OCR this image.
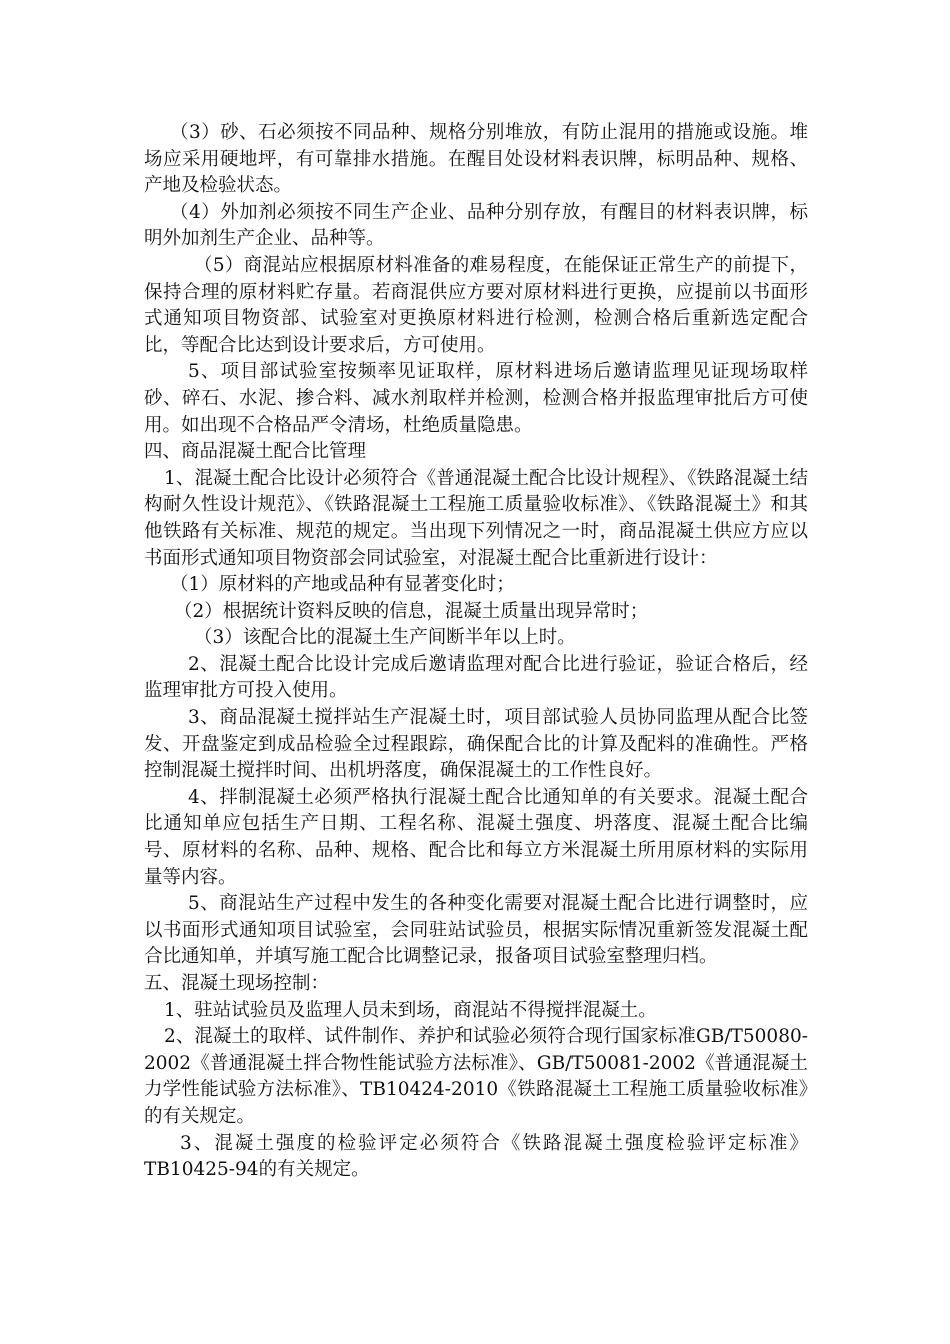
（3）砂、石必须按不同品种、规格分别堆放，有防止混用的措施或设施。堆场应采用硬地坪，有可靠排水措施。在醒目处设材料表识牌，标明品种、规格、产地及检验状态。

（4）外加剂必须按不同生产企业、品种分别存放，有醒目的材料表识牌，标明外加剂生产企业、品种等。

（5）商混站应根据原材料准备的难易程度，在能保证正常生产的前提下，保持合理的原材料贮存量。若商混供应方要对原材料进行更换，应提前以书面形式通知项目物资部、试验室对更换原材料进行检测，检测合格后重新选定配合比，等配合比达到设计要求后，方可使用。

5、项目部试验室按频率见证取样，原材料进场后邀请监理见证现场取样砂、碎石、水泥、掺合料、减水剂取样并检测，检测合格并报监理审批后方可使用。如出现不合格品严令清场，杜绝质量隐患。

四、商品混凝土配合比管理

1、混凝土配合比设计必须符合《普通混凝土配合比设计规程》、《铁路混凝土结构耐久性设计规范》、《铁路混凝土工程施工质量验收标准》、《铁路混凝土》和其他铁路有关标准、规范的规定。当出现下列情况之一时，商品混凝土供应方应以书面形式通知项目物资部会同试验室，对混凝土配合比重新进行设计：

（1）原材料的产地或品种有显著变化时；

（2）根据统计资料反映的信息，混凝土质量出现异常时；

（3）该配合比的混凝土生产间断半年以上时。

2、混凝土配合比设计完成后邀请监理对配合比进行验证，验证合格后，经监理审批方可投入使用。

3、商品混凝土搅拌站生产混凝土时，项目部试验人员协同监理从配合比签发、开盘鉴定到成品检验全过程跟踪，确保配合比的计算及配料的准确性。严格控制混凝土搅拌时间、出机坍落度，确保混凝土的工作性良好。

4、拌制混凝土必须严格执行混凝土配合比通知单的有关要求。混凝土配合比通知单应包括生产日期、工程名称、混凝土强度、坍落度、混凝土配合比编号、原材料的名称、品种、规格、配合比和每立方米混凝土所用原材料的实际用量等内容。

5、商混站生产过程中发生的各种变化需要对混凝土配合比进行调整时，应以书面形式通知项目试验室，会同驻站试验员，根据实际情况重新签发混凝土配合比通知单，并填写施工配合比调整记录，报备项目试验室整理归档。

五、混凝土现场控制：

1、驻站试验员及监理人员未到场，商混站不得搅拌混凝土。

2、混凝土的取样、试件制作、养护和试验必须符合现行国家标准GB/T50080-2002《普通混凝土拌合物性能试验方法标准》、GB/T50081-2002《普通混凝土力学性能试验方法标准》、TB10424-2010《铁路混凝土工程施工质量验收标准》的有关规定。

3、混凝土强度的检验评定必须符合《铁路混凝土强度检验评定标准》TB10425-94的有关规定。
